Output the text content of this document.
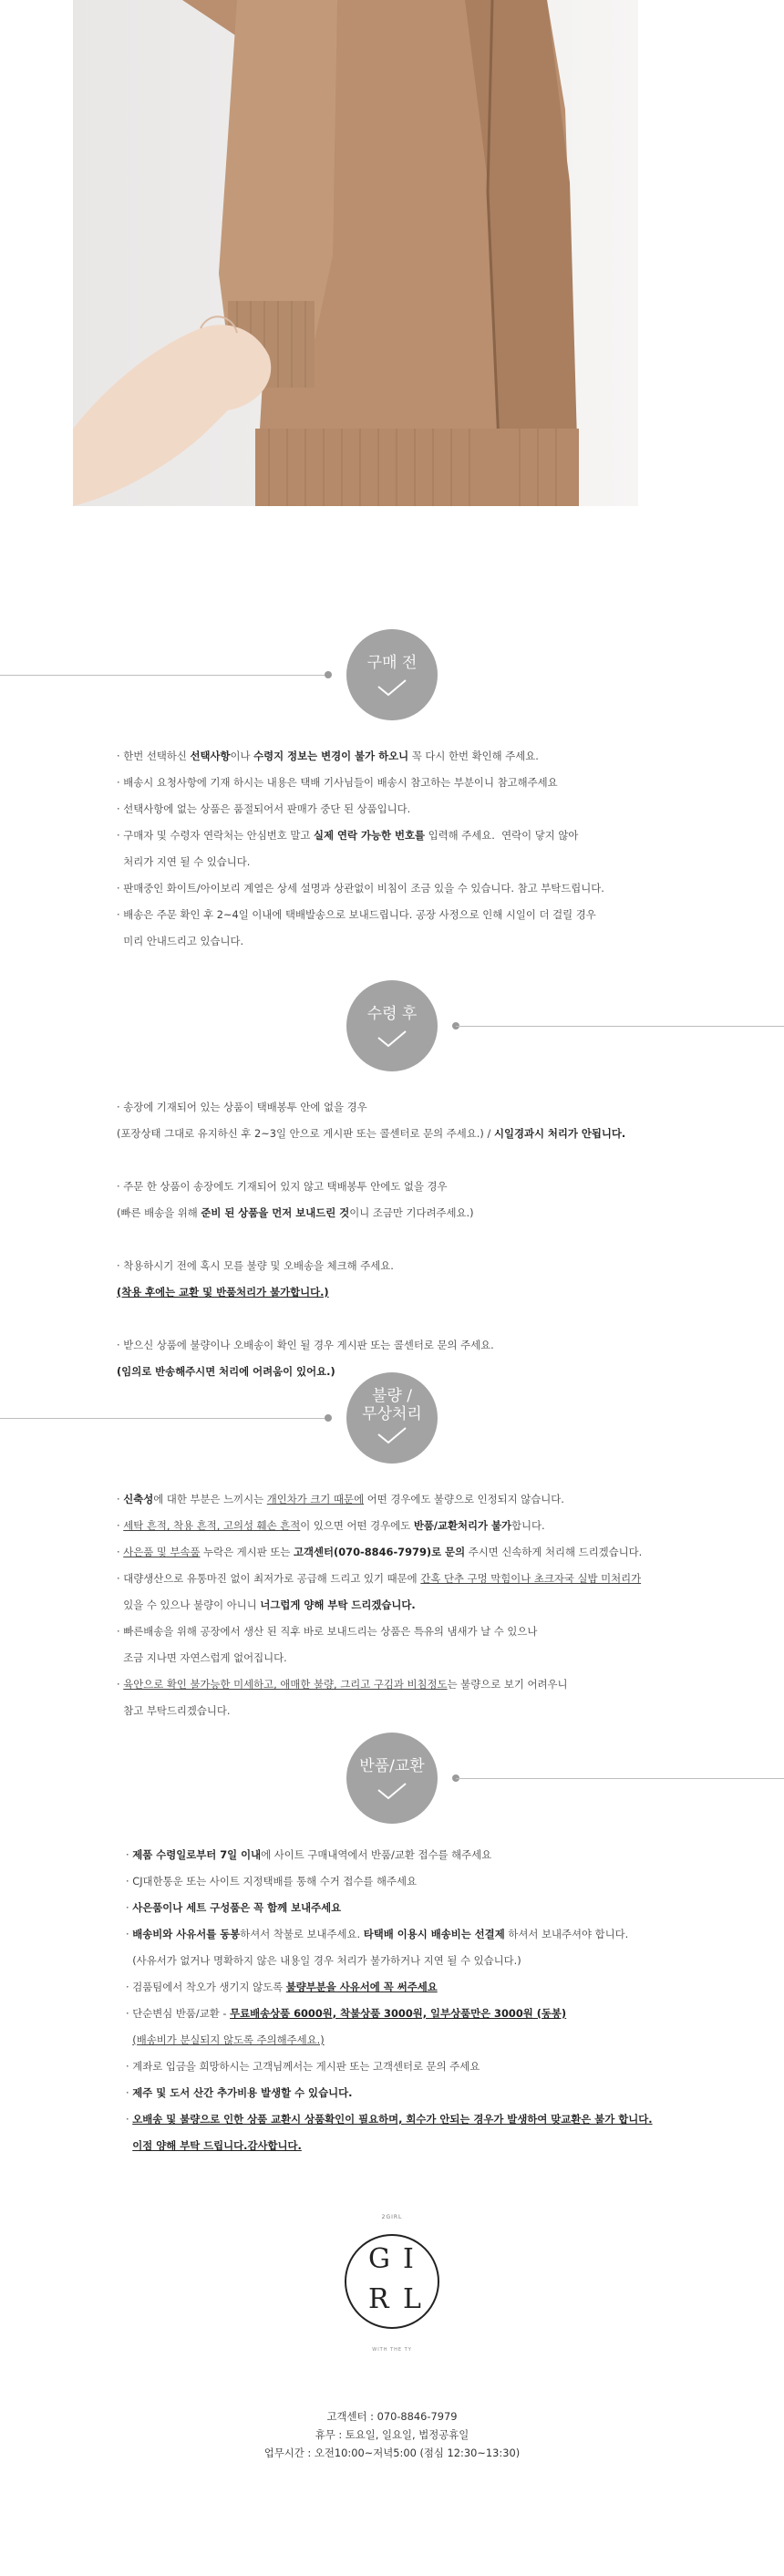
구매 전

· 한번 선택하신 선택사항이나 수령지 정보는 변경이 불가 하오니 꼭 다시 한번 확인해 주세요.

· 배송시 요청사항에 기재 하시는 내용은 택배 기사님들이 배송시 참고하는 부분이니 참고해주세요

· 선택사항에 없는 상품은 품절되어서 판매가 중단 된 상품입니다.

· 구매자 및 수령자 연락처는 안심번호 말고 실제 연락 가능한 번호를 입력해 주세요.  연락이 닿지 않아

처리가 지연 될 수 있습니다.

· 판매중인 화이트/아이보리 계열은 상세 설명과 상관없이 비침이 조금 있을 수 있습니다. 참고 부탁드립니다.

· 배송은 주문 확인 후 2~4일 이내에 택배발송으로 보내드립니다. 공장 사정으로 인해 시일이 더 걸릴 경우

미리 안내드리고 있습니다.

수령 후

· 송장에 기재되어 있는 상품이 택배봉투 안에 없을 경우

(포장상태 그대로 유지하신 후 2~3일 안으로 게시판 또는 콜센터로 문의 주세요.) / 시일경과시 처리가 안됩니다.

· 주문 한 상품이 송장에도 기재되어 있지 않고 택배봉투 안에도 없을 경우

(빠른 배송을 위해 준비 된 상품을 먼저 보내드린 것이니 조금만 기다려주세요.)

· 착용하시기 전에 혹시 모를 불량 및 오배송을 체크해 주세요.

(착용 후에는 교환 및 반품처리가 불가합니다.)

· 받으신 상품에 불량이나 오배송이 확인 될 경우 게시판 또는 콜센터로 문의 주세요.

(임의로 반송해주시면 처리에 어려움이 있어요.)

불량 /
무상처리

· 신축성에 대한 부분은 느끼시는 개인차가 크기 때문에 어떤 경우에도 불량으로 인정되지 않습니다.

· 세탁 흔적, 착용 흔적, 고의성 훼손 흔적이 있으면 어떤 경우에도 반품/교환처리가 불가합니다.

· 사은품 및 부속품 누락은 게시판 또는 고객센터(070-8846-7979)로 문의 주시면 신속하게 처리해 드리겠습니다.

· 대량생산으로 유통마진 없이 최저가로 공급해 드리고 있기 때문에 간혹 단추 구멍 막힘이나 초크자국 실밥 미처리가

있을 수 있으나 불량이 아니니 너그럽게 양해 부탁 드리겠습니다.

· 빠른배송을 위해 공장에서 생산 된 직후 바로 보내드리는 상품은 특유의 냄새가 날 수 있으나

조금 지나면 자연스럽게 없어집니다.

· 육안으로 확인 불가능한 미세하고, 애매한 불량, 그리고 구김과 비침정도는 불량으로 보기 어려우니

참고 부탁드리겠습니다.

반품/교환

· 제품 수령일로부터 7일 이내에 사이트 구매내역에서 반품/교환 접수를 해주세요

· CJ대한통운 또는 사이트 지정택배를 통해 수거 접수를 해주세요

· 사은품이나 세트 구성품은 꼭 함께 보내주세요

· 배송비와 사유서를 동봉하셔서 착불로 보내주세요. 타택배 이용시 배송비는 선결제 하셔서 보내주셔야 합니다.

(사유서가 없거나 명확하지 않은 내용일 경우 처리가 불가하거나 지연 될 수 있습니다.)

· 검품팀에서 착오가 생기지 않도록 불량부분을 사유서에 꼭 써주세요

· 단순변심 반품/교환 - 무료배송상품 6000원, 착불상품 3000원, 일부상품만은 3000원 (동봉)

(배송비가 분실되지 않도록 주의해주세요.)

· 계좌로 입금을 희망하시는 고객님께서는 게시판 또는 고객센터로 문의 주세요

· 제주 및 도서 산간 추가비용 발생할 수 있습니다.

· 오배송 및 불량으로 인한 상품 교환시 상품확인이 필요하며, 회수가 안되는 경우가 발생하여 맞교환은 불가 합니다.

이점 양해 부탁 드립니다.감사합니다.

2GIRL
G I
R L
WITH THE TY
고객센터 : 070-8846-7979
휴무 : 토요일, 일요일, 법정공휴일
업무시간 : 오전10:00~저녁5:00 (점심 12:30~13:30)
